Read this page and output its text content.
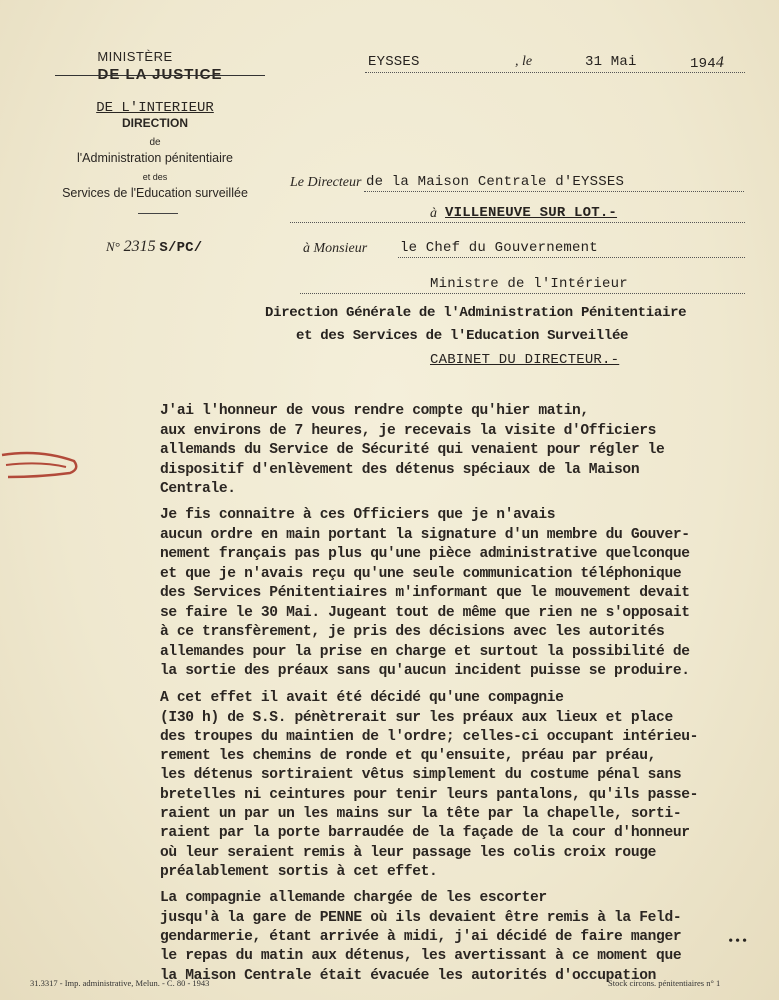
MINISTÈRE
DE LA JUSTICE
DE L'INTERIEUR
DIRECTION
de
l'Administration pénitentiaire
et des
Services de l'Education surveillée
N° 2315 S/PC/
EYSSES	, le	31 Mai	1944
Le Directeur de la Maison Centrale d'EYSSES
à VILLENEUVE SUR LOT.-
à Monsieur le Chef du Gouvernement
Ministre de l'Intérieur
Direction Générale de l'Administration Pénitentiaire
et des Services de l'Education Surveillée
CABINET DU DIRECTEUR.-
J'ai l'honneur de vous rendre compte qu'hier matin,
aux environs de 7 heures, je recevais la visite d'Officiers
allemands du Service de Sécurité qui venaient pour régler le
dispositif d'enlèvement des détenus spéciaux de la Maison
Centrale.
Je fis connaitre à ces Officiers que je n'avais
aucun ordre en main portant la signature d'un membre du Gouver-
nement français pas plus qu'une pièce administrative quelconque
et que je n'avais reçu qu'une seule communication téléphonique
des Services Pénitentiaires m'informant que le mouvement devait
se faire le 30 Mai. Jugeant tout de même que rien ne s'opposait
à ce transfèrement, je pris des décisions avec les autorités
allemandes pour la prise en charge et surtout la possibilité de
la sortie des préaux sans qu'aucun incident puisse se produire.
A cet effet il avait été décidé qu'une compagnie
(I30 h) de S.S. pénètrerait sur les préaux aux lieux et place
des troupes du maintien de l'ordre; celles-ci occupant intérieu-
rement les chemins de ronde et qu'ensuite, préau par préau,
les détenus sortiraient vêtus simplement du costume pénal sans
bretelles ni ceintures pour tenir leurs pantalons, qu'ils passe-
raient un par un les mains sur la tête par la chapelle, sorti-
raient par la porte barraudée de la façade de la cour d'honneur
où leur seraient remis à leur passage les colis croix rouge
préalablement sortis à cet effet.
La compagnie allemande chargée de les escorter
jusqu'à la gare de PENNE où ils devaient être remis à la Feld-
gendarmerie, étant arrivée à midi, j'ai décidé de faire manger
le repas du matin aux détenus, les avertissant à ce moment que
la Maison Centrale était évacuée les autorités d'occupation
•••
31.3317 - Imp. administrative, Melun. - C. 80 - 1943	Stock circons. pénitentiaires n° 1
